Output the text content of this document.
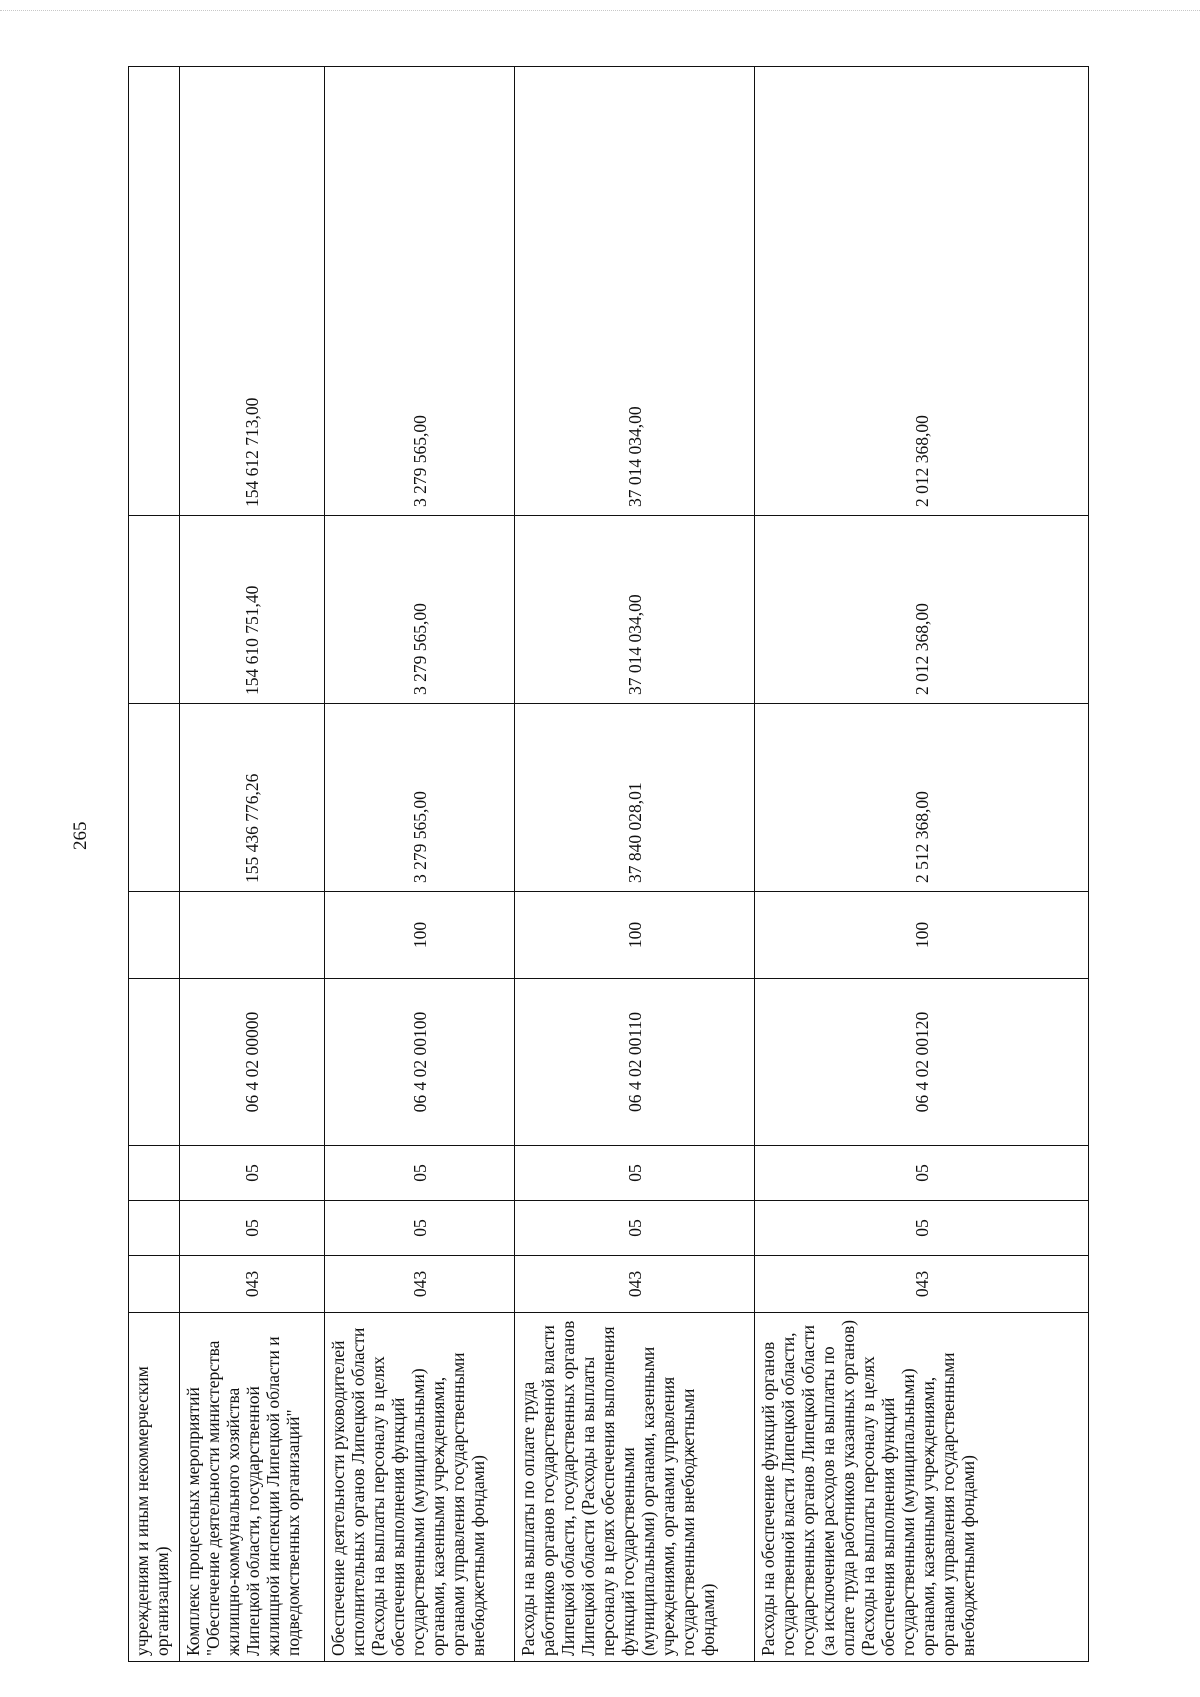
265
учреждениям и иным некоммерческим организациям)								
Комплекс процессных мероприятий "Обеспечение деятельности министерства жилищно-коммунального хозяйства Липецкой области, государственной жилищной инспекции Липецкой области и подведомственных организаций"	043	05	05	06 4 02 00000		155 436 776,26	154 610 751,40	154 612 713,00
Обеспечение деятельности руководителей исполнительных органов Липецкой области (Расходы на выплаты персоналу в целях обеспечения выполнения функций государственными (муниципальными) органами, казенными учреждениями, органами управления государственными внебюджетными фондами)	043	05	05	06 4 02 00100	100	3 279 565,00	3 279 565,00	3 279 565,00
Расходы на выплаты по оплате труда работников органов государственной власти Липецкой области, государственных органов Липецкой области (Расходы на выплаты персоналу в целях обеспечения выполнения функций государственными (муниципальными) органами, казенными учреждениями, органами управления государственными внебюджетными фондами)	043	05	05	06 4 02 00110	100	37 840 028,01	37 014 034,00	37 014 034,00
Расходы на обеспечение функций органов государственной власти Липецкой области, государственных органов Липецкой области (за исключением расходов на выплаты по оплате труда работников указанных органов) (Расходы на выплаты персоналу в целях обеспечения выполнения функций государственными (муниципальными) органами, казенными учреждениями, органами управления государственными внебюджетными фондами)	043	05	05	06 4 02 00120	100	2 512 368,00	2 012 368,00	2 012 368,00
